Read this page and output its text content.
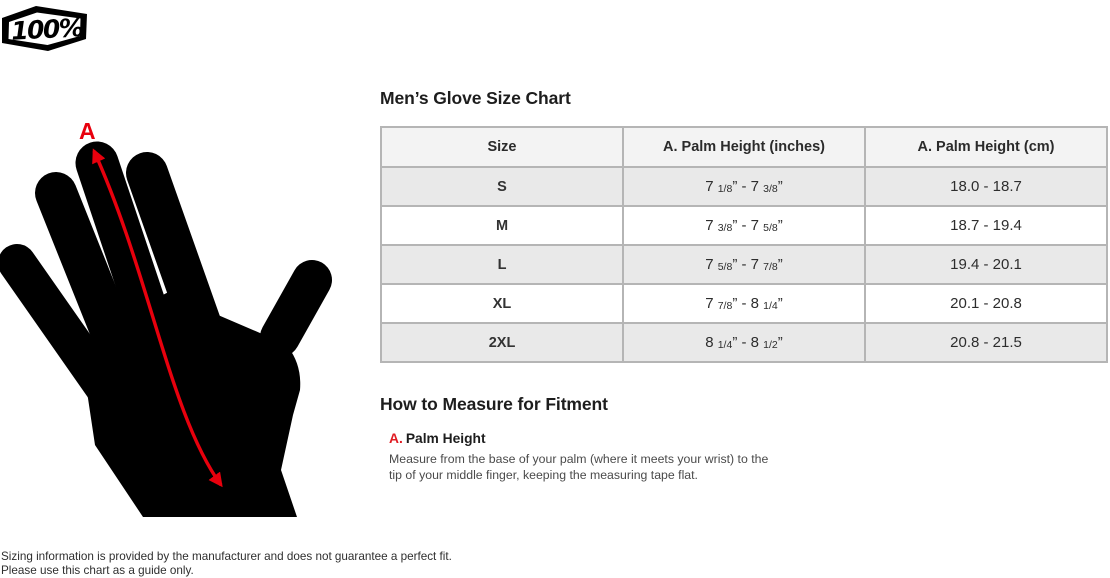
100%
A
Men’s Glove Size Chart
Size	A. Palm Height (inches)	A. Palm Height (cm)
S	7 1/8” - 7 3/8”	18.0 - 18.7
M	7 3/8” - 7 5/8”	18.7 - 19.4
L	7 5/8” - 7 7/8”	19.4 - 20.1
XL	7 7/8” - 8 1/4”	20.1 - 20.8
2XL	8 1/4” - 8 1/2”	20.8 - 21.5
How to Measure for Fitment
A. Palm Height
Measure from the base of your palm (where it meets your wrist) to the
tip of your middle finger, keeping the measuring tape flat.
Sizing information is provided by the manufacturer and does not guarantee a perfect fit.
Please use this chart as a guide only.
